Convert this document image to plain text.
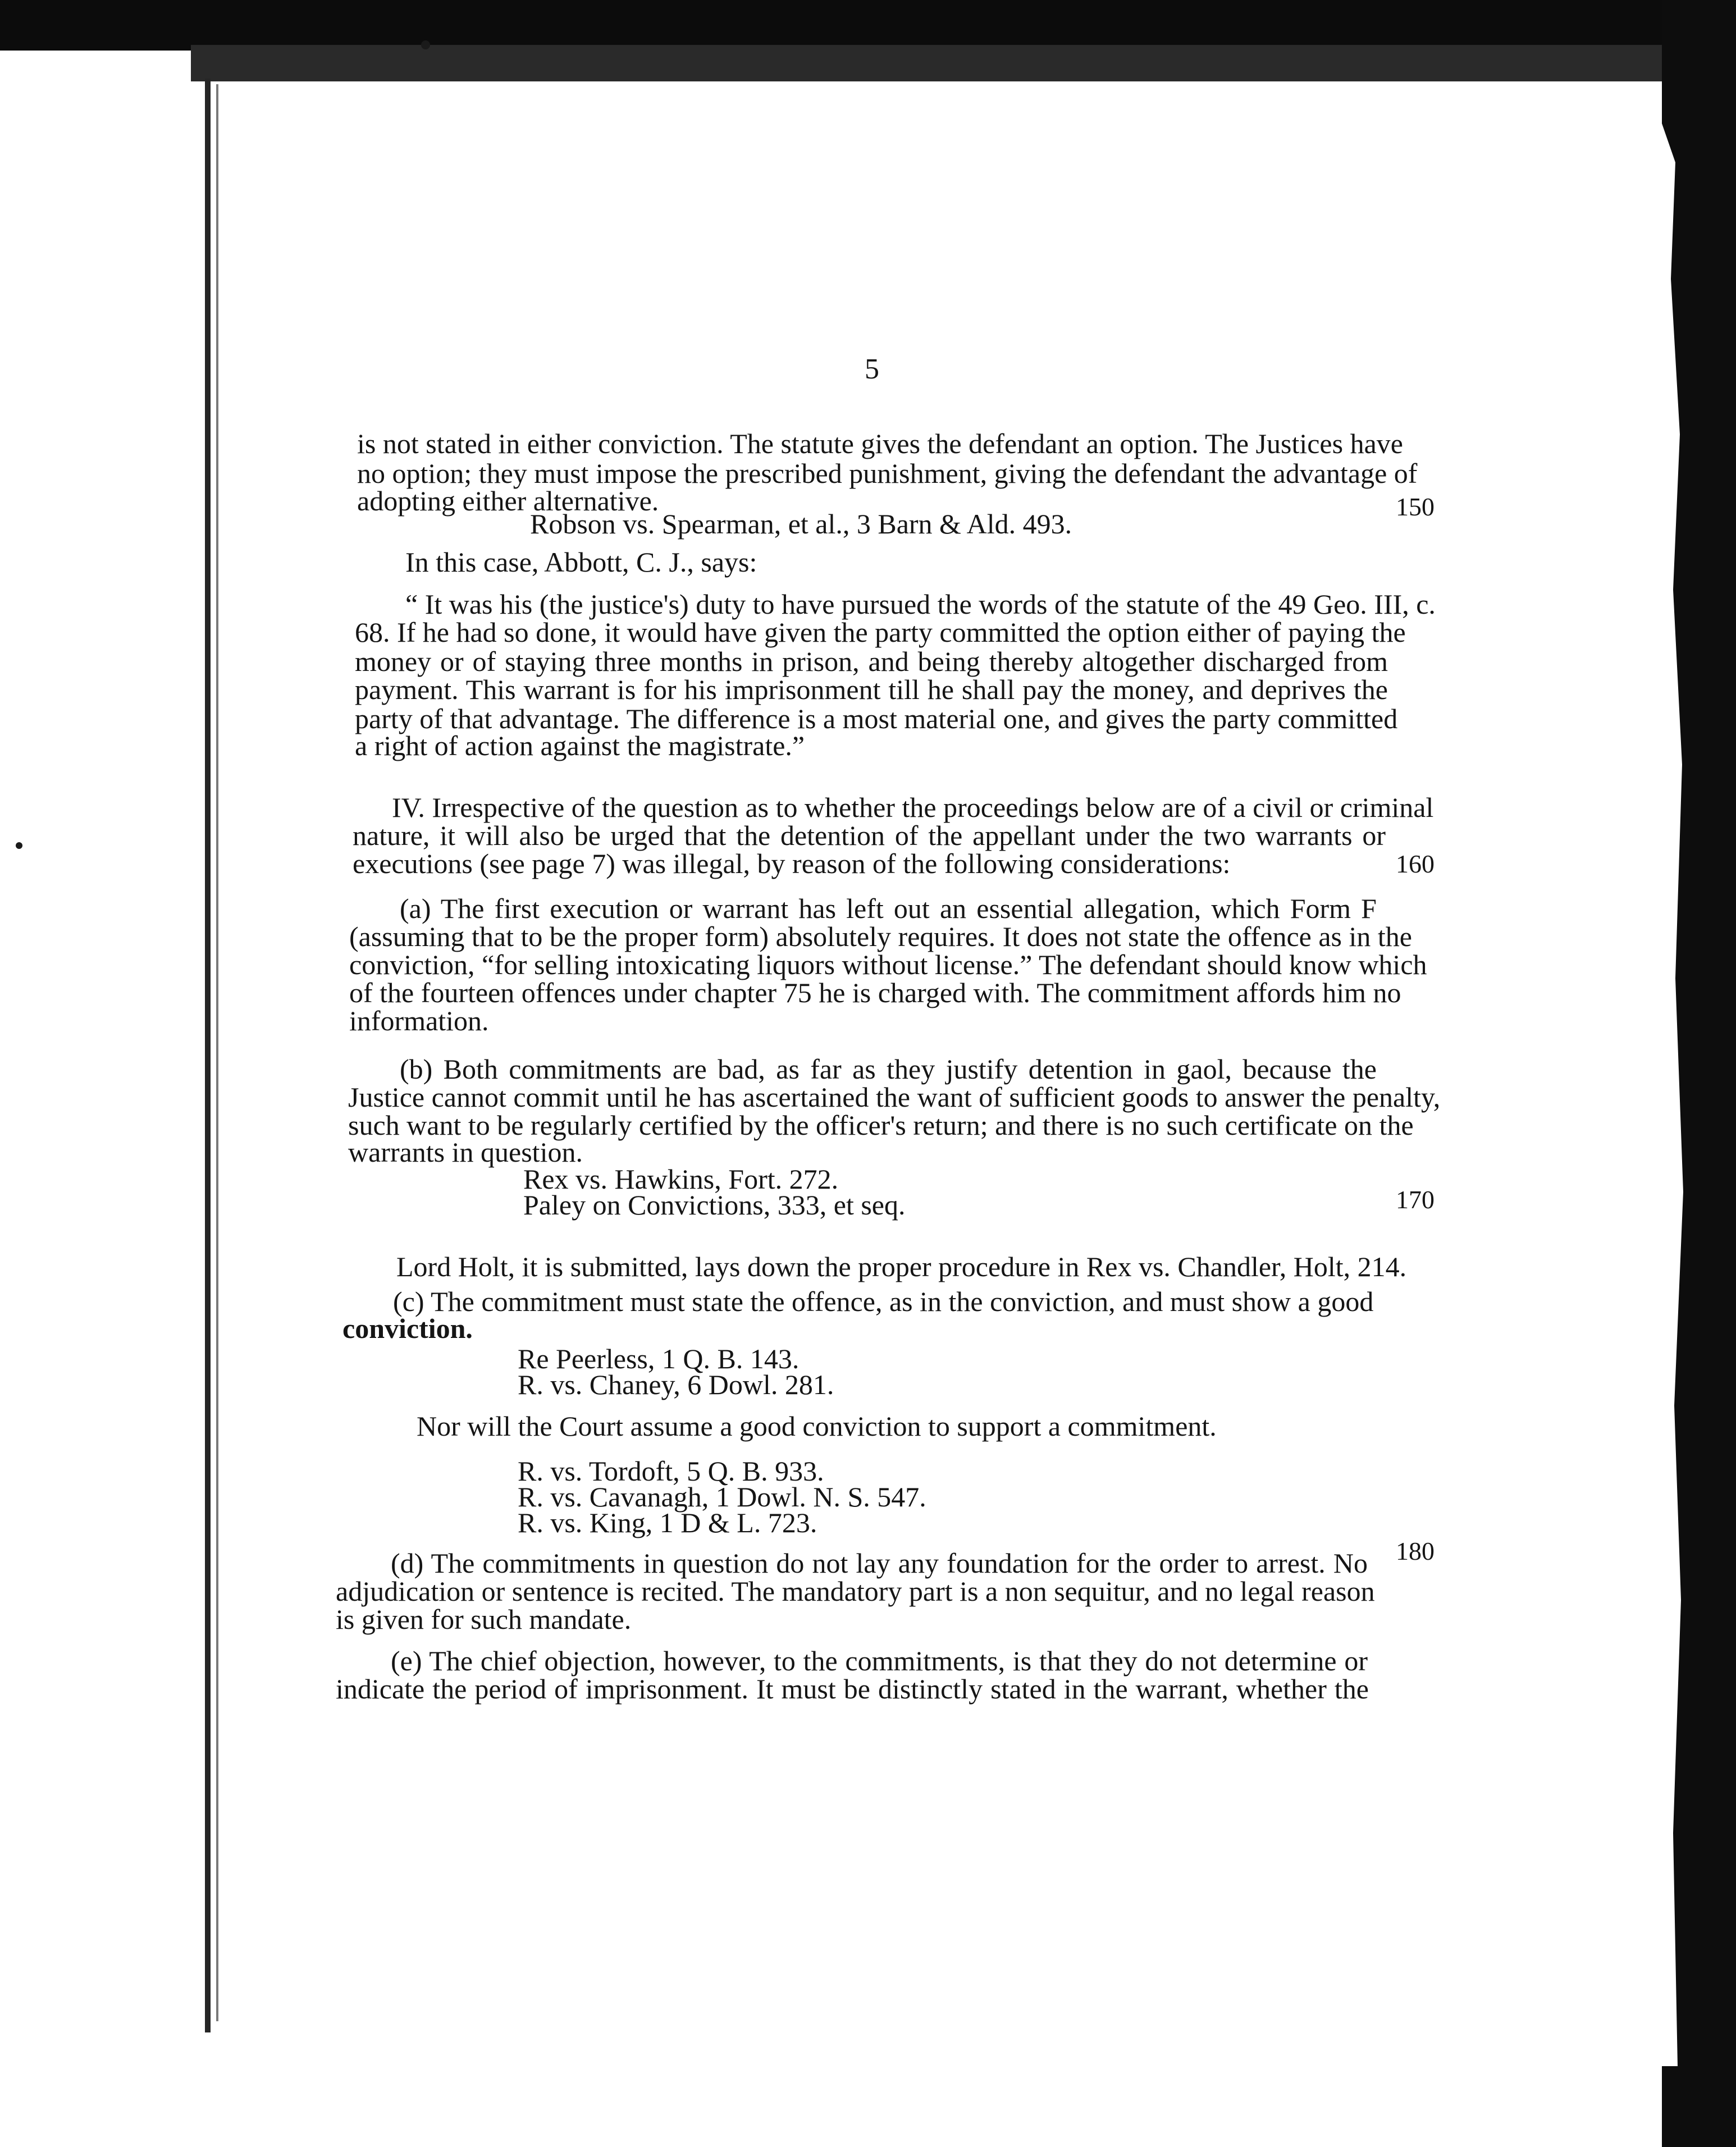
5
is not stated in either conviction. The statute gives the defendant an option. The Justices have
no option; they must impose the prescribed punishment, giving the defendant the advantage of
adopting either alternative.
Robson vs. Spearman, et al., 3 Barn & Ald. 493.
150
In this case, Abbott, C. J., says:
“ It was his (the justice's) duty to have pursued the words of the statute of the 49 Geo. III, c.
68. If he had so done, it would have given the party committed the option either of paying the
money or of staying three months in prison, and being thereby altogether discharged from
payment. This warrant is for his imprisonment till he shall pay the money, and deprives the
party of that advantage. The difference is a most material one, and gives the party committed
a right of action against the magistrate.”
IV. Irrespective of the question as to whether the proceedings below are of a civil or criminal
nature, it will also be urged that the detention of the appellant under the two warrants or
executions (see page 7) was illegal, by reason of the following considerations:	160
(a) The first execution or warrant has left out an essential allegation, which Form F
(assuming that to be the proper form) absolutely requires. It does not state the offence as in the
conviction, “for selling intoxicating liquors without license.” The defendant should know which
of the fourteen offences under chapter 75 he is charged with. The commitment affords him no
information.
(b) Both commitments are bad, as far as they justify detention in gaol, because the
Justice cannot commit until he has ascertained the want of sufficient goods to answer the penalty,
such want to be regularly certified by the officer's return; and there is no such certificate on the
warrants in question.
Rex vs. Hawkins, Fort. 272.
Paley on Convictions, 333, et seq.	170
Lord Holt, it is submitted, lays down the proper procedure in Rex vs. Chandler, Holt, 214.
(c) The commitment must state the offence, as in the conviction, and must show a good
conviction.
Re Peerless, 1 Q. B. 143.
R. vs. Chaney, 6 Dowl. 281.
Nor will the Court assume a good conviction to support a commitment.
R. vs. Tordoft, 5 Q. B. 933.
R. vs. Cavanagh, 1 Dowl. N. S. 547.
R. vs. King, 1 D & L. 723.
180
(d) The commitments in question do not lay any foundation for the order to arrest. No
adjudication or sentence is recited. The mandatory part is a non sequitur, and no legal reason
is given for such mandate.
(e) The chief objection, however, to the commitments, is that they do not determine or
indicate the period of imprisonment. It must be distinctly stated in the warrant, whether the
